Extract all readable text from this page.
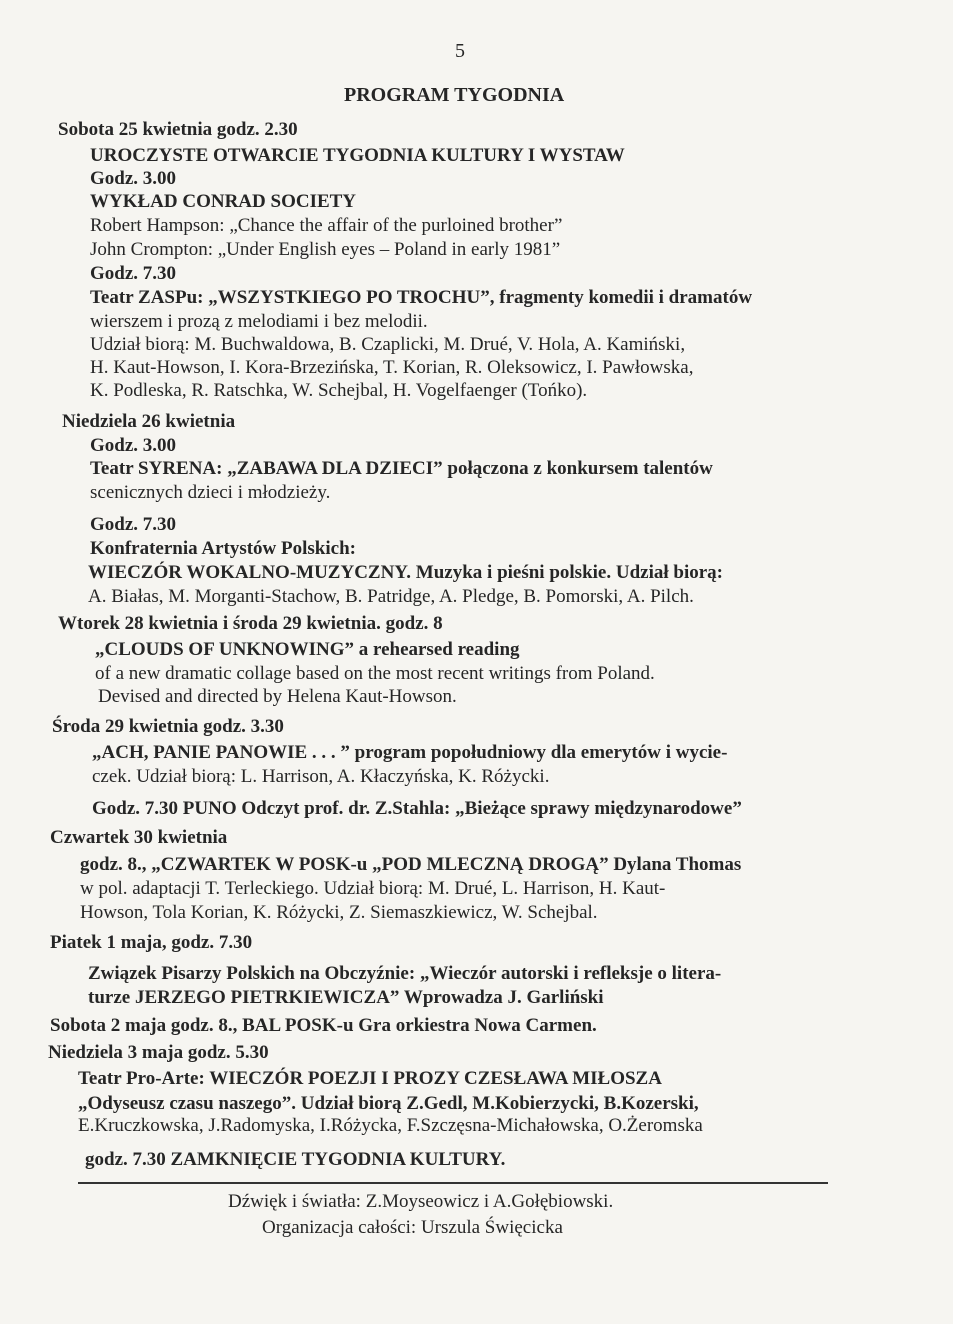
5
PROGRAM TYGODNIA
Sobota 25 kwietnia godz. 2.30
UROCZYSTE OTWARCIE TYGODNIA KULTURY I WYSTAW
Godz. 3.00
WYKŁAD CONRAD SOCIETY
Robert Hampson: „Chance the affair of the purloined brother”
John Crompton: „Under English eyes – Poland in early 1981”
Godz. 7.30
Teatr ZASPu: „WSZYSTKIEGO PO TROCHU”, fragmenty komedii i dramatów
wierszem i prozą z melodiami i bez melodii.
Udział biorą: M. Buchwaldowa, B. Czaplicki, M. Drué, V. Hola, A. Kamiński,
H. Kaut-Howson, I. Kora-Brzezińska, T. Korian, R. Oleksowicz, I. Pawłowska,
K. Podleska, R. Ratschka, W. Schejbal, H. Vogelfaenger (Tońko).
Niedziela 26 kwietnia
Godz. 3.00
Teatr SYRENA: „ZABAWA DLA DZIECI” połączona z konkursem talentów
scenicznych dzieci i młodzieży.
Godz. 7.30
Konfraternia Artystów Polskich:
WIECZÓR WOKALNO-MUZYCZNY. Muzyka i pieśni polskie. Udział biorą:
A. Białas, M. Morganti-Stachow, B. Patridge, A. Pledge, B. Pomorski, A. Pilch.
Wtorek 28 kwietnia i środa 29 kwietnia. godz. 8
„CLOUDS OF UNKNOWING” a rehearsed reading
of a new dramatic collage based on the most recent writings from Poland.
Devised and directed by Helena Kaut-Howson.
Środa 29 kwietnia godz. 3.30
„ACH, PANIE PANOWIE . . . ” program popołudniowy dla emerytów i wycie-
czek. Udział biorą: L. Harrison, A. Kłaczyńska, K. Różycki.
Godz. 7.30 PUNO Odczyt prof. dr. Z.Stahla: „Bieżące sprawy międzynarodowe”
Czwartek 30 kwietnia
godz. 8., „CZWARTEK W POSK-u „POD MLECZNĄ DROGĄ” Dylana Thomas
w pol. adaptacji T. Terleckiego. Udział biorą: M. Drué, L. Harrison, H. Kaut-
Howson, Tola Korian, K. Różycki, Z. Siemaszkiewicz, W. Schejbal.
Piatek 1 maja, godz. 7.30
Związek Pisarzy Polskich na Obczyźnie: „Wieczór autorski i refleksje o litera-
turze JERZEGO PIETRKIEWICZA” Wprowadza J. Garliński
Sobota 2 maja godz. 8., BAL POSK-u Gra orkiestra Nowa Carmen.
Niedziela 3 maja godz. 5.30
Teatr Pro-Arte: WIECZÓR POEZJI I PROZY CZESŁAWA MIŁOSZA
„Odyseusz czasu naszego”. Udział biorą Z.Gedl, M.Kobierzycki, B.Kozerski,
E.Kruczkowska, J.Radomyska, I.Różycka, F.Szczęsna-Michałowska, O.Żeromska
godz. 7.30 ZAMKNIĘCIE TYGODNIA KULTURY.
Dźwięk i światła: Z.Moyseowicz i A.Gołębiowski.
Organizacja całości: Urszula Święcicka
